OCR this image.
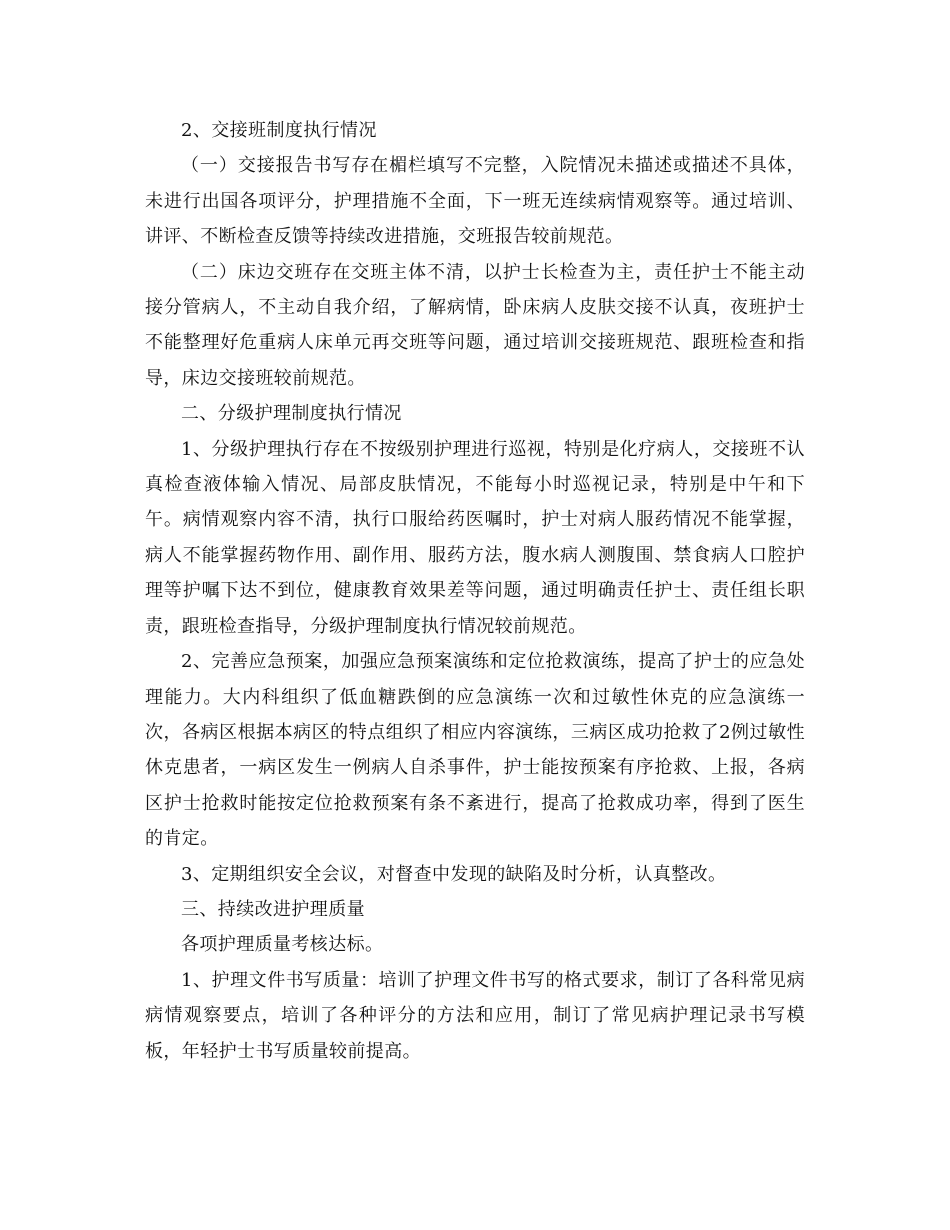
2、交接班制度执行情况

（一）交接报告书写存在楣栏填写不完整，入院情况未描述或描述不具体，未进行出国各项评分，护理措施不全面，下一班无连续病情观察等。通过培训、讲评、不断检查反馈等持续改进措施，交班报告较前规范。

（二）床边交班存在交班主体不清，以护士长检查为主，责任护士不能主动接分管病人，不主动自我介绍，了解病情，卧床病人皮肤交接不认真，夜班护士不能整理好危重病人床单元再交班等问题，通过培训交接班规范、跟班检查和指导，床边交接班较前规范。

二、分级护理制度执行情况

1、分级护理执行存在不按级别护理进行巡视，特别是化疗病人，交接班不认真检查液体输入情况、局部皮肤情况，不能每小时巡视记录，特别是中午和下午。病情观察内容不清，执行口服给药医嘱时，护士对病人服药情况不能掌握，病人不能掌握药物作用、副作用、服药方法，腹水病人测腹围、禁食病人口腔护理等护嘱下达不到位，健康教育效果差等问题，通过明确责任护士、责任组长职责，跟班检查指导，分级护理制度执行情况较前规范。

2、完善应急预案，加强应急预案演练和定位抢救演练，提高了护士的应急处理能力。大内科组织了低血糖跌倒的应急演练一次和过敏性休克的应急演练一次，各病区根据本病区的特点组织了相应内容演练，三病区成功抢救了2例过敏性休克患者，一病区发生一例病人自杀事件，护士能按预案有序抢救、上报，各病区护士抢救时能按定位抢救预案有条不紊进行，提高了抢救成功率，得到了医生的肯定。

3、定期组织安全会议，对督查中发现的缺陷及时分析，认真整改。

三、持续改进护理质量

各项护理质量考核达标。

1、护理文件书写质量：培训了护理文件书写的格式要求，制订了各科常见病病情观察要点，培训了各种评分的方法和应用，制订了常见病护理记录书写模板，年轻护士书写质量较前提高。
